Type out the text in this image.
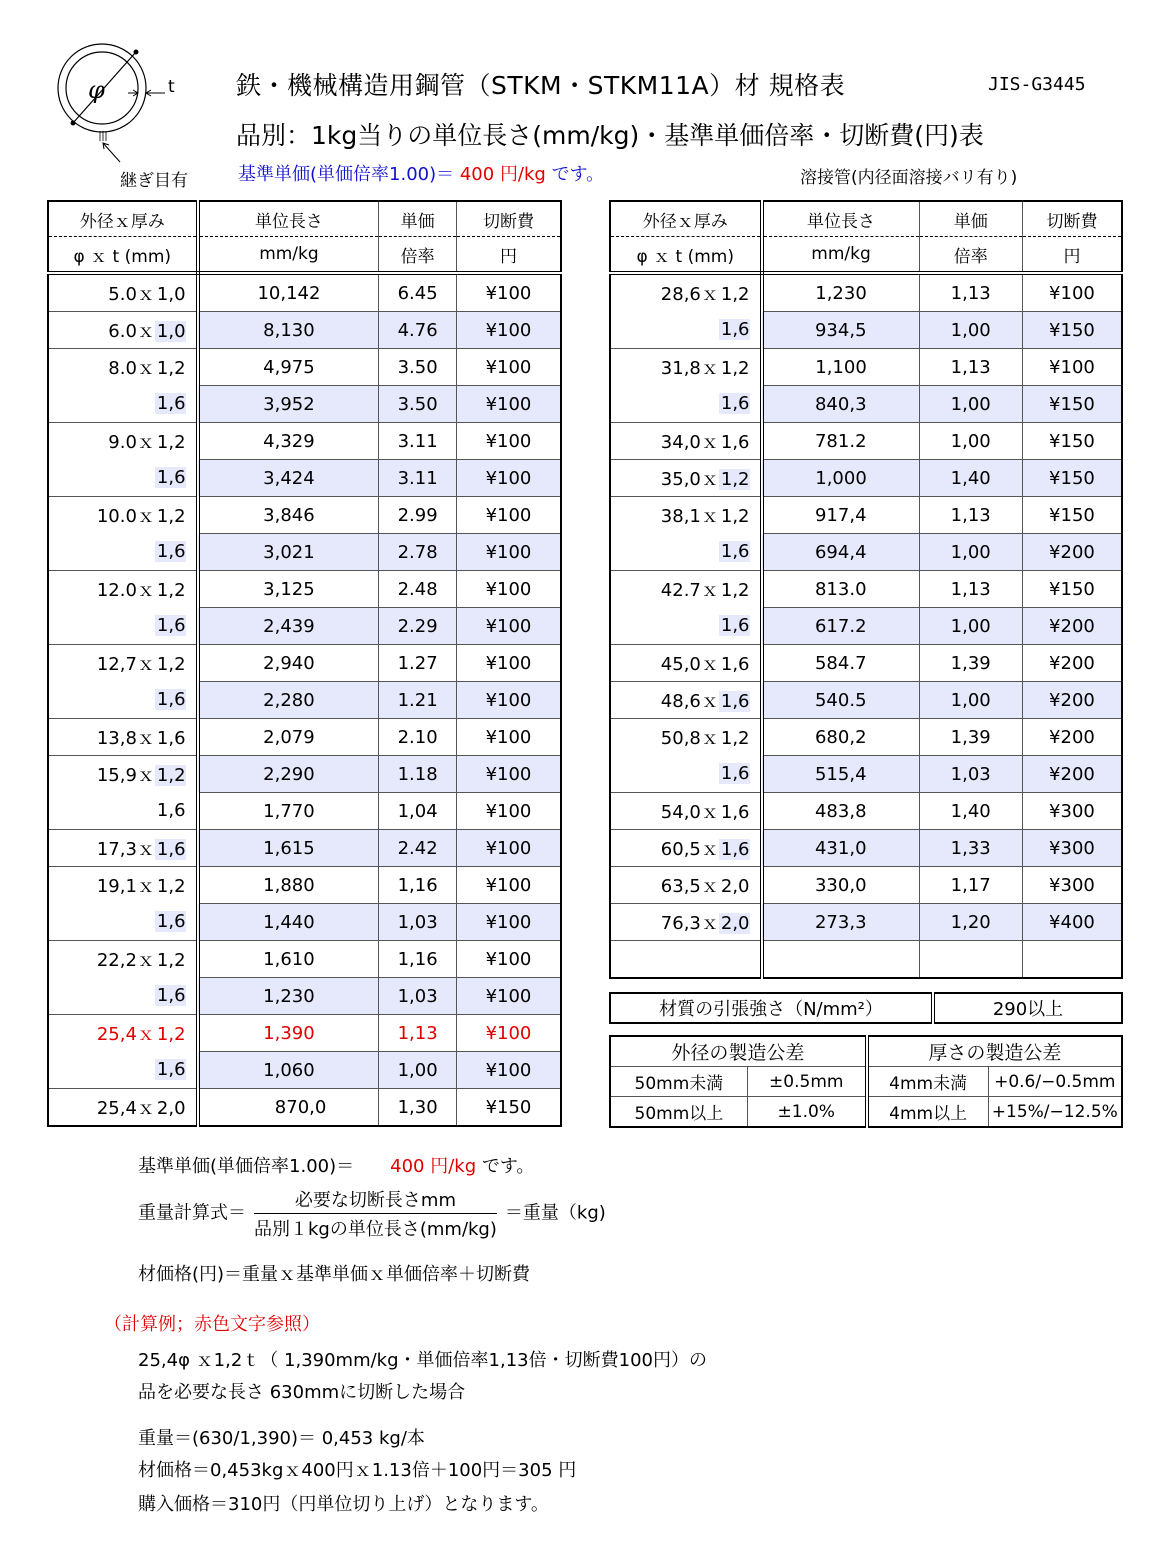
φ	t
継ぎ目有
鉄・機械構造用鋼管（STKM・STKM11A）材 規格表	JIS-G3445
品別：1kg当りの単位長さ(mm/kg)・基準単価倍率・切断費(円)表
基準単価(単価倍率1.00)＝ 400 円/kg です。	溶接管(内径面溶接バリ有り)
外径ｘ厚み	単位長さ	単価	切断費
φ ｘ t (mm)	mm/kg	倍率	円
5.0ｘ 1,0	10,142	6.45	¥100
6.0ｘ 1,0	8,130	4.76	¥100
8.0ｘ 1,2	4,975	3.50	¥100
1,6	3,952	3.50	¥100
9.0ｘ 1,2	4,329	3.11	¥100
1,6	3,424	3.11	¥100
10.0ｘ 1,2	3,846	2.99	¥100
1,6	3,021	2.78	¥100
12.0ｘ 1,2	3,125	2.48	¥100
1,6	2,439	2.29	¥100
12,7ｘ 1,2	2,940	1.27	¥100
1,6	2,280	1.21	¥100
13,8ｘ 1,6	2,079	2.10	¥100
15,9ｘ 1,2	2,290	1.18	¥100
1,6	1,770	1,04	¥100
17,3ｘ 1,6	1,615	2.42	¥100
19,1ｘ 1,2	1,880	1,16	¥100
1,6	1,440	1,03	¥100
22,2ｘ 1,2	1,610	1,16	¥100
1,6	1,230	1,03	¥100
25,4ｘ 1,2	1,390	1,13	¥100
1,6	1,060	1,00	¥100
25,4ｘ 2,0	870,0	1,30	¥150
外径ｘ厚み	単位長さ	単価	切断費
φ ｘ t (mm)	mm/kg	倍率	円
28,6ｘ 1,2	1,230	1,13	¥100
1,6	934,5	1,00	¥150
31,8ｘ 1,2	1,100	1,13	¥100
1,6	840,3	1,00	¥150
34,0ｘ 1,6	781.2	1,00	¥150
35,0ｘ 1,2	1,000	1,40	¥150
38,1ｘ 1,2	917,4	1,13	¥150
1,6	694,4	1,00	¥200
42.7ｘ 1,2	813.0	1,13	¥150
1,6	617.2	1,00	¥200
45,0ｘ 1,6	584.7	1,39	¥200
48,6ｘ 1,6	540.5	1,00	¥200
50,8ｘ 1,2	680,2	1,39	¥200
1,6	515,4	1,03	¥200
54,0ｘ 1,6	483,8	1,40	¥300
60,5ｘ 1,6	431,0	1,33	¥300
63,5ｘ 2,0	330,0	1,17	¥300
76,3ｘ 2,0	273,3	1,20	¥400

材質の引張強さ（N/mm²）	290以上
外径の製造公差		厚さの製造公差	
50mm未満	±0.5mm	4mm未満	+0.6/−0.5mm
50mm以上	±1.0%	4mm以上	+15%/−12.5%
基準単価(単価倍率1.00)＝　　400 円/kg です。
重量計算式＝ $\frac{\text{必要な切断長さmm}}{\text{品別１kgの単位長さ(mm/kg)}}$ ＝重量（kg)
材価格(円)＝重量ｘ基準単価ｘ単価倍率＋切断費
（計算例；赤色文字参照）
25,4φ ｘ1,2ｔ（ 1,390mm/kg・単価倍率1,13倍・切断費100円）の
品を必要な長さ 630mmに切断した場合
重量＝(630/1,390)＝ 0,453 kg/本
材価格＝0,453kgｘ400円ｘ1.13倍＋100円＝305 円
購入価格＝310円（円単位切り上げ）となります。
